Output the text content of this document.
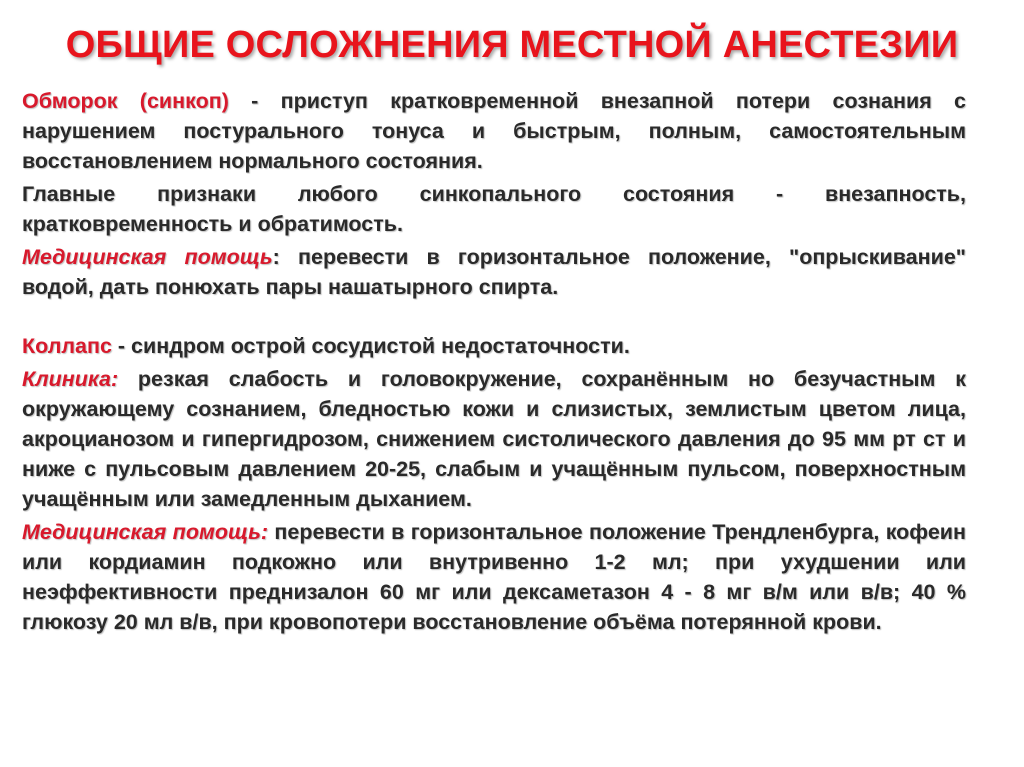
ОБЩИЕ ОСЛОЖНЕНИЯ МЕСТНОЙ АНЕСТЕЗИИ

Обморок (синкоп) - приступ кратковременной внезапной потери сознания с нарушением постурального тонуса и быстрым, полным, самостоятельным восстановлением нормального состояния.

Главные признаки любого синкопального состояния - внезапность, кратковременность и обратимость.

Медицинская помощь: перевести в горизонтальное положение, "опрыскивание" водой, дать понюхать пары нашатырного спирта.

Коллапс - синдром острой сосудистой недостаточности.

Клиника: резкая слабость и головокружение, сохранённым но безучастным к окружающему сознанием, бледностью кожи и слизистых, землистым цветом лица, акроцианозом и гипергидрозом, снижением систолического давления до 95 мм рт ст и ниже с пульсовым давлением 20-25, слабым и учащённым пульсом, поверхностным учащённым или замедленным дыханием.

Медицинская помощь: перевести в горизонтальное положение Трендленбурга, кофеин или кордиамин подкожно или внутривенно 1-2 мл; при ухудшении или неэффективности преднизалон 60 мг или дексаметазон 4 - 8 мг в/м или в/в; 40 % глюкозу 20 мл в/в, при кровопотери восстановление объёма потерянной крови.
